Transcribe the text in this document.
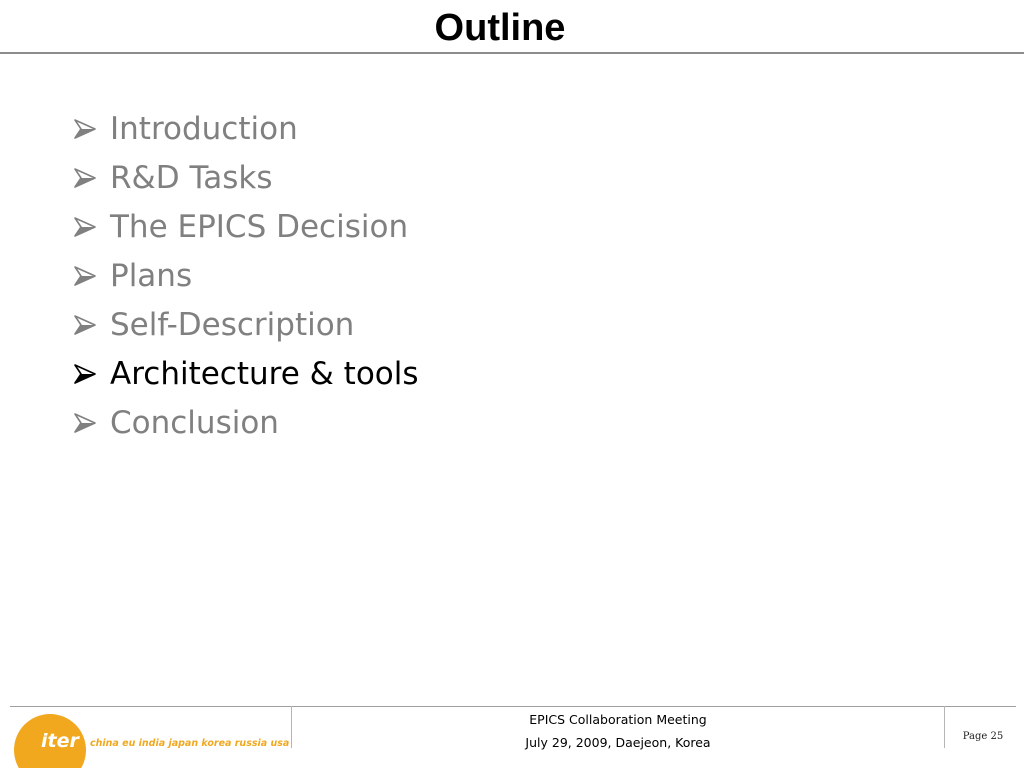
Outline
Introduction
R&D Tasks
The EPICS Decision
Plans
Self-Description
Architecture & tools
Conclusion
iter china eu india japan korea russia usa
EPICS Collaboration Meeting
July 29, 2009, Daejeon, Korea	Page 25
